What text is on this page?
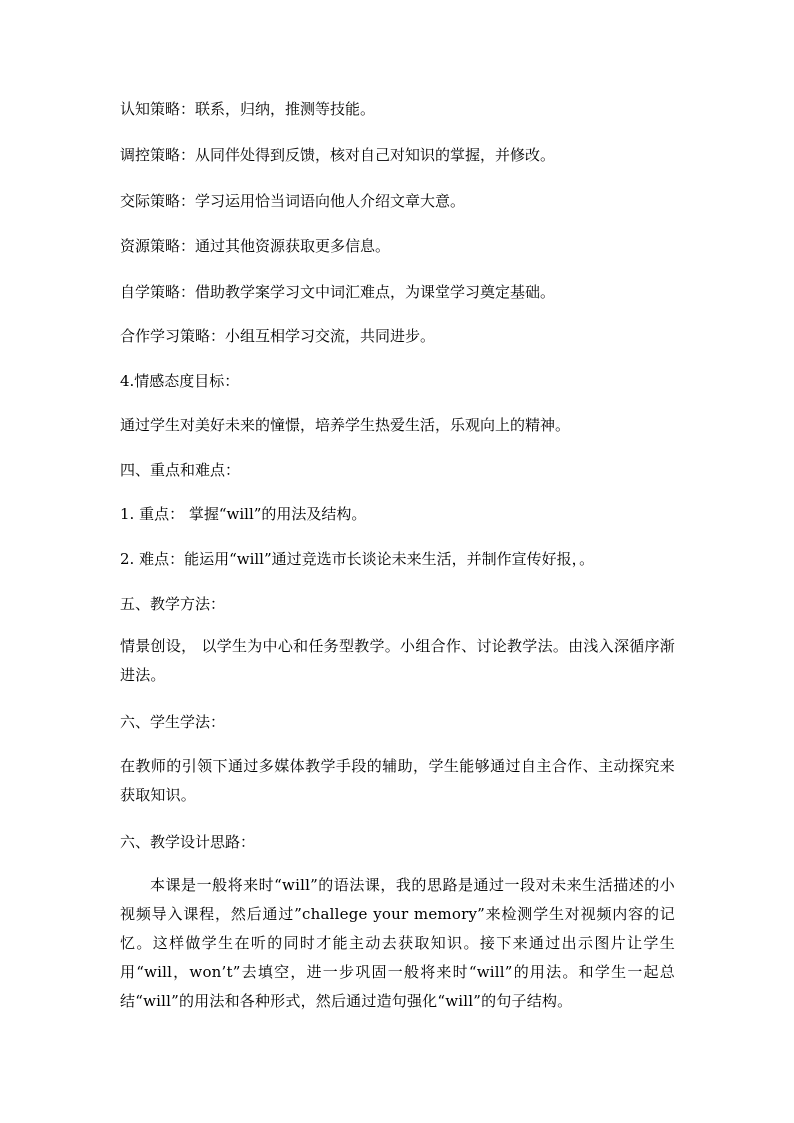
认知策略：联系，归纳，推测等技能。

调控策略：从同伴处得到反馈，核对自己对知识的掌握，并修改。

交际策略：学习运用恰当词语向他人介绍文章大意。

资源策略：通过其他资源获取更多信息。

自学策略：借助教学案学习文中词汇难点，为课堂学习奠定基础。

合作学习策略：小组互相学习交流，共同进步。

4.情感态度目标：

通过学生对美好未来的憧憬，培养学生热爱生活，乐观向上的精神。

四、重点和难点：

1. 重点： 掌握“will”的用法及结构。

2. 难点：能运用“will”通过竞选市长谈论未来生活，并制作宣传好报，。

五、教学方法：

情景创设， 以学生为中心和任务型教学。小组合作、讨论教学法。由浅入深循序渐进法。

六、学生学法：

在教师的引领下通过多媒体教学手段的辅助，学生能够通过自主合作、主动探究来获取知识。

六、教学设计思路：

本课是一般将来时“will”的语法课，我的思路是通过一段对未来生活描述的小视频导入课程，然后通过”challege your memory”来检测学生对视频内容的记忆。这样做学生在听的同时才能主动去获取知识。接下来通过出示图片让学生用“will，won’t”去填空，进一步巩固一般将来时“will”的用法。和学生一起总结“will”的用法和各种形式，然后通过造句强化“will”的句子结构。
